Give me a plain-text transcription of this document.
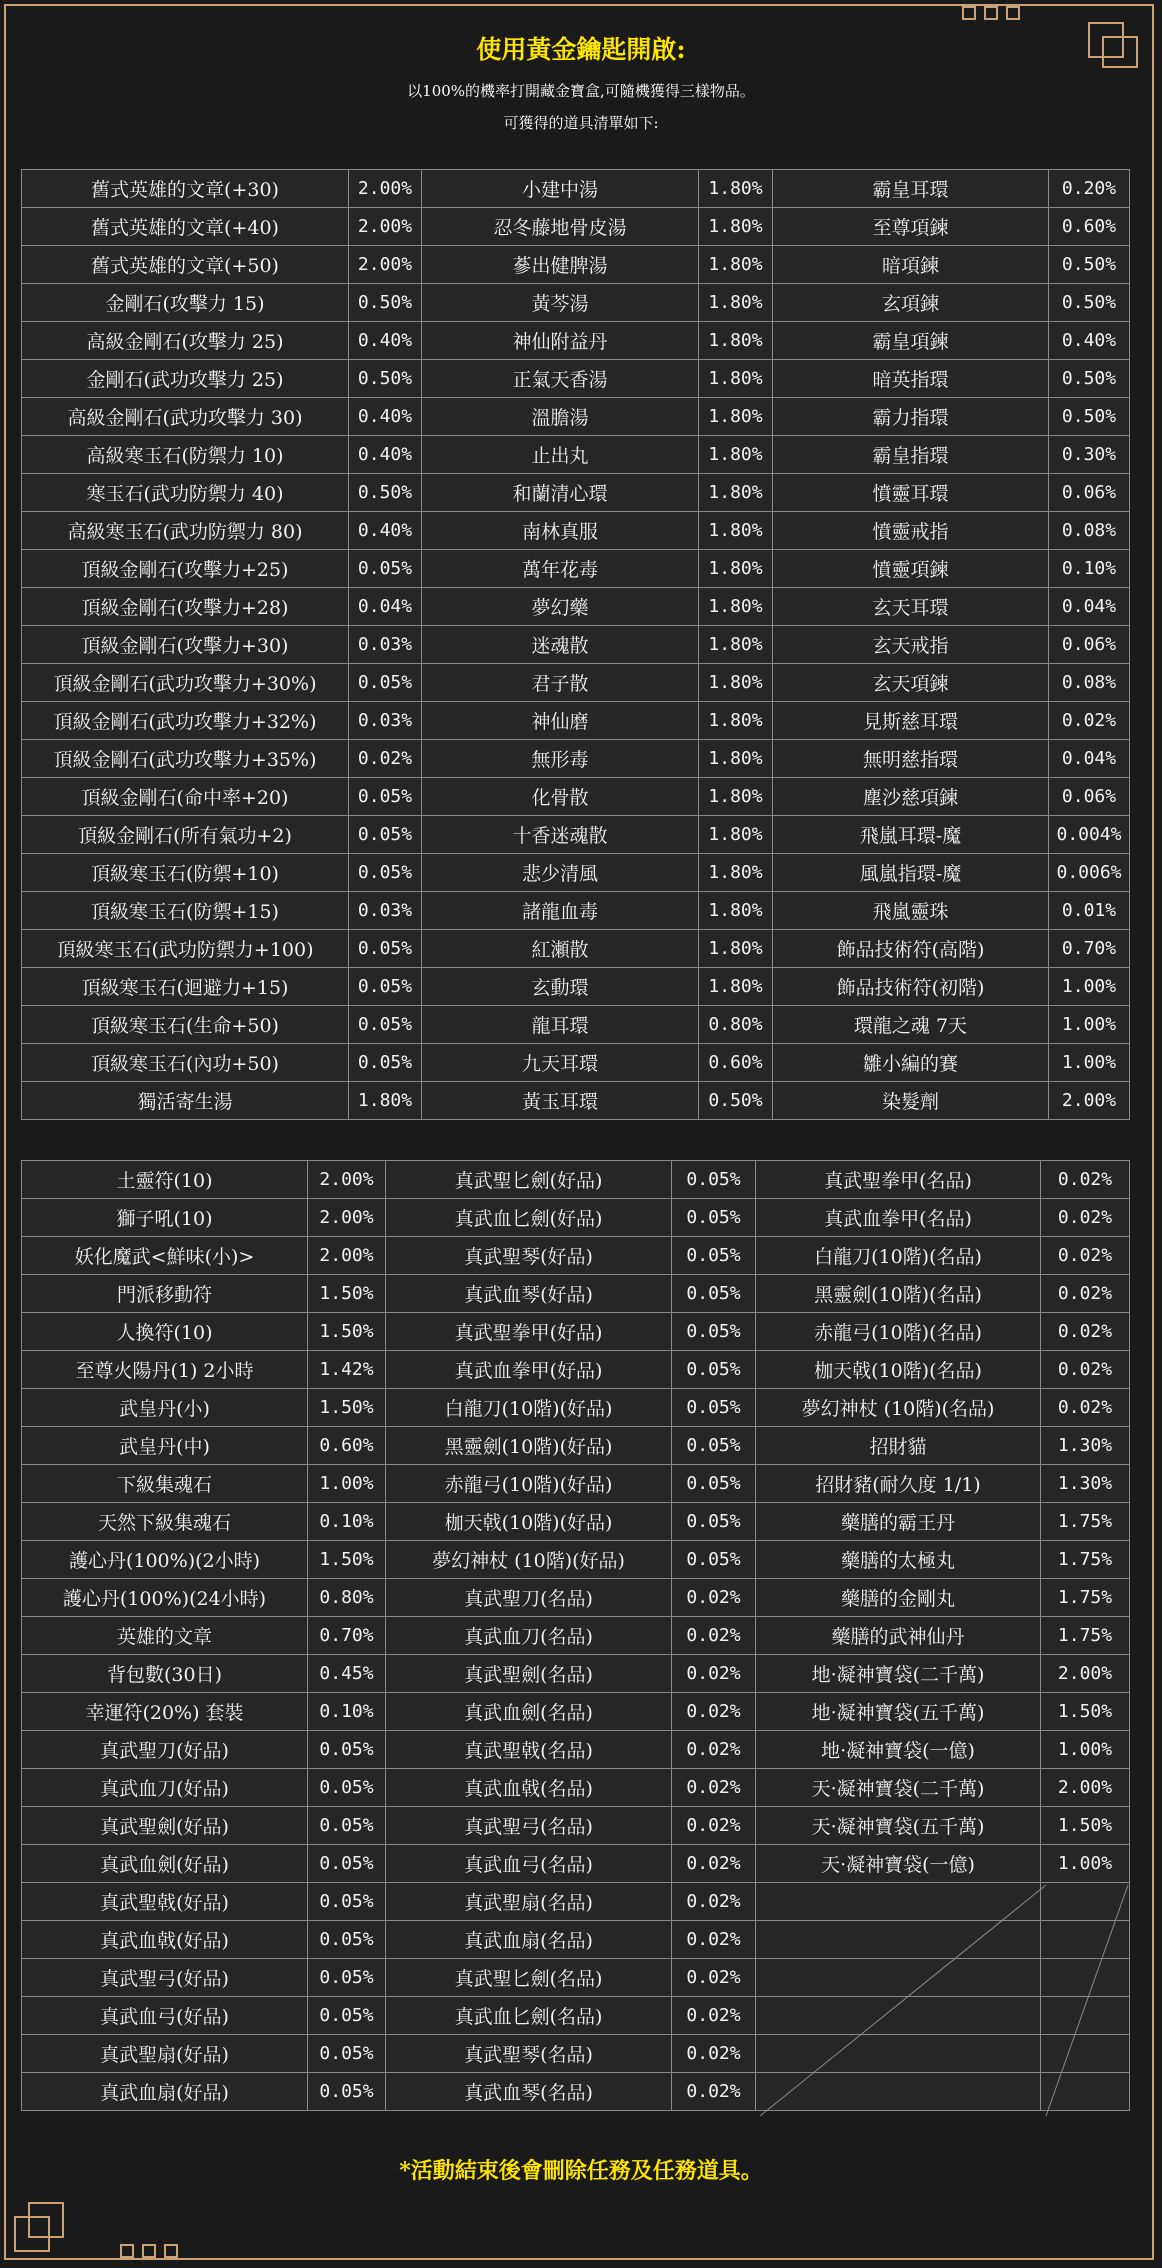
使用黃金鑰匙開啟:
以100%的機率打開藏金寶盒,可隨機獲得三樣物品。
可獲得的道具清單如下:
舊式英雄的文章(+30)	2.00%	小建中湯	1.80%	霸皇耳環	0.20%
舊式英雄的文章(+40)	2.00%	忍冬藤地骨皮湯	1.80%	至尊項鍊	0.60%
舊式英雄的文章(+50)	2.00%	蔘出健脾湯	1.80%	暗項鍊	0.50%
金剛石(攻擊力 15)	0.50%	黃芩湯	1.80%	玄項鍊	0.50%
高級金剛石(攻擊力 25)	0.40%	神仙附益丹	1.80%	霸皇項鍊	0.40%
金剛石(武功攻擊力 25)	0.50%	正氣天香湯	1.80%	暗英指環	0.50%
高級金剛石(武功攻擊力 30)	0.40%	溫膽湯	1.80%	霸力指環	0.50%
高級寒玉石(防禦力 10)	0.40%	止出丸	1.80%	霸皇指環	0.30%
寒玉石(武功防禦力 40)	0.50%	和蘭清心環	1.80%	憤靈耳環	0.06%
高級寒玉石(武功防禦力 80)	0.40%	南林真服	1.80%	憤靈戒指	0.08%
頂級金剛石(攻擊力+25)	0.05%	萬年花毒	1.80%	憤靈項鍊	0.10%
頂級金剛石(攻擊力+28)	0.04%	夢幻藥	1.80%	玄天耳環	0.04%
頂級金剛石(攻擊力+30)	0.03%	迷魂散	1.80%	玄天戒指	0.06%
頂級金剛石(武功攻擊力+30%)	0.05%	君子散	1.80%	玄天項鍊	0.08%
頂級金剛石(武功攻擊力+32%)	0.03%	神仙磨	1.80%	見斯慈耳環	0.02%
頂級金剛石(武功攻擊力+35%)	0.02%	無形毒	1.80%	無明慈指環	0.04%
頂級金剛石(命中率+20)	0.05%	化骨散	1.80%	塵沙慈項鍊	0.06%
頂級金剛石(所有氣功+2)	0.05%	十香迷魂散	1.80%	飛嵐耳環-魔	0.004%
頂級寒玉石(防禦+10)	0.05%	悲少清風	1.80%	風嵐指環-魔	0.006%
頂級寒玉石(防禦+15)	0.03%	諸龍血毒	1.80%	飛嵐靈珠	0.01%
頂級寒玉石(武功防禦力+100)	0.05%	紅瀬散	1.80%	飾品技術符(高階)	0.70%
頂級寒玉石(迴避力+15)	0.05%	玄動環	1.80%	飾品技術符(初階)	1.00%
頂級寒玉石(生命+50)	0.05%	龍耳環	0.80%	環龍之魂 7天	1.00%
頂級寒玉石(內功+50)	0.05%	九天耳環	0.60%	雛小編的賽	1.00%
獨活寄生湯	1.80%	黃玉耳環	0.50%	染髮劑	2.00%
土靈符(10)	2.00%	真武聖匕劍(好品)	0.05%	真武聖拳甲(名品)	0.02%
獅子吼(10)	2.00%	真武血匕劍(好品)	0.05%	真武血拳甲(名品)	0.02%
妖化魔武<鮮味(小)>	2.00%	真武聖琴(好品)	0.05%	白龍刀(10階)(名品)	0.02%
門派移動符	1.50%	真武血琴(好品)	0.05%	黑靈劍(10階)(名品)	0.02%
人換符(10)	1.50%	真武聖拳甲(好品)	0.05%	赤龍弓(10階)(名品)	0.02%
至尊火陽丹(1) 2小時	1.42%	真武血拳甲(好品)	0.05%	枷天戟(10階)(名品)	0.02%
武皇丹(小)	1.50%	白龍刀(10階)(好品)	0.05%	夢幻神杖 (10階)(名品)	0.02%
武皇丹(中)	0.60%	黑靈劍(10階)(好品)	0.05%	招財貓	1.30%
下級集魂石	1.00%	赤龍弓(10階)(好品)	0.05%	招財豬(耐久度 1/1)	1.30%
天然下級集魂石	0.10%	枷天戟(10階)(好品)	0.05%	藥膳的霸王丹	1.75%
護心丹(100%)(2小時)	1.50%	夢幻神杖 (10階)(好品)	0.05%	藥膳的太極丸	1.75%
護心丹(100%)(24小時)	0.80%	真武聖刀(名品)	0.02%	藥膳的金剛丸	1.75%
英雄的文章	0.70%	真武血刀(名品)	0.02%	藥膳的武神仙丹	1.75%
背包數(30日)	0.45%	真武聖劍(名品)	0.02%	地·凝神寶袋(二千萬)	2.00%
幸運符(20%) 套裝	0.10%	真武血劍(名品)	0.02%	地·凝神寶袋(五千萬)	1.50%
真武聖刀(好品)	0.05%	真武聖戟(名品)	0.02%	地·凝神寶袋(一億)	1.00%
真武血刀(好品)	0.05%	真武血戟(名品)	0.02%	天·凝神寶袋(二千萬)	2.00%
真武聖劍(好品)	0.05%	真武聖弓(名品)	0.02%	天·凝神寶袋(五千萬)	1.50%
真武血劍(好品)	0.05%	真武血弓(名品)	0.02%	天·凝神寶袋(一億)	1.00%
真武聖戟(好品)	0.05%	真武聖扇(名品)	0.02%		
真武血戟(好品)	0.05%	真武血扇(名品)	0.02%		
真武聖弓(好品)	0.05%	真武聖匕劍(名品)	0.02%		
真武血弓(好品)	0.05%	真武血匕劍(名品)	0.02%		
真武聖扇(好品)	0.05%	真武聖琴(名品)	0.02%		
真武血扇(好品)	0.05%	真武血琴(名品)	0.02%		
*活動結束後會刪除任務及任務道具。
